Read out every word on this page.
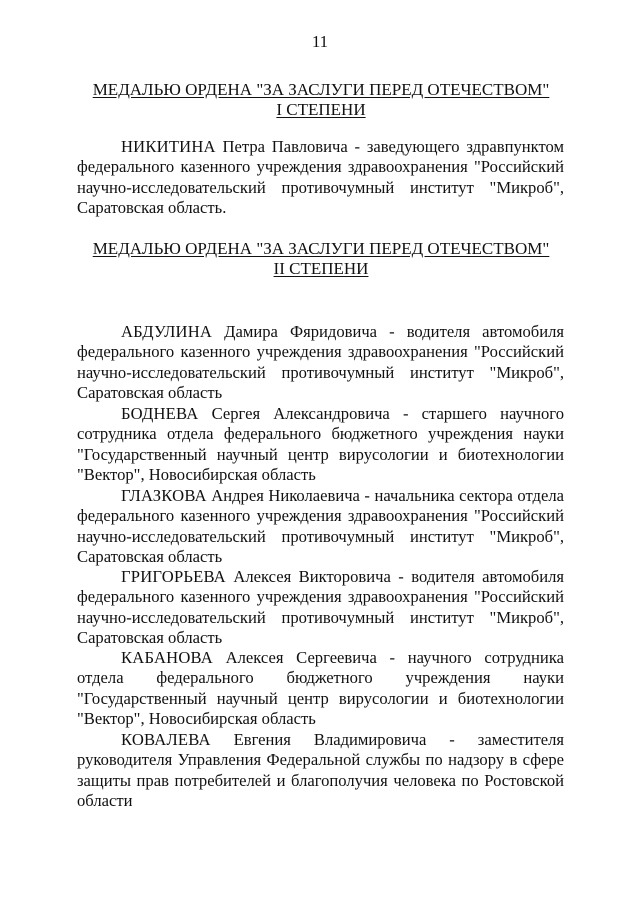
11
МЕДАЛЬЮ ОРДЕНА "ЗА ЗАСЛУГИ ПЕРЕД ОТЕЧЕСТВОМ"
I СТЕПЕНИ
НИКИТИНА Петра Павловича - заведующего здравпунктом федерального казенного учреждения здравоохранения "Российский научно-исследовательский противочумный институт "Микроб", Саратовская область.
МЕДАЛЬЮ ОРДЕНА "ЗА ЗАСЛУГИ ПЕРЕД ОТЕЧЕСТВОМ"
II СТЕПЕНИ
АБДУЛИНА Дамира Фяридовича - водителя автомобиля федерального казенного учреждения здравоохранения "Российский научно-исследовательский противочумный институт "Микроб", Саратовская область
БОДНЕВА Сергея Александровича - старшего научного сотрудника отдела федерального бюджетного учреждения науки "Государственный научный центр вирусологии и биотехнологии "Вектор", Новосибирская область
ГЛАЗКОВА Андрея Николаевича - начальника сектора отдела федерального казенного учреждения здравоохранения "Российский научно-исследовательский противочумный институт "Микроб", Саратовская область
ГРИГОРЬЕВА Алексея Викторовича - водителя автомобиля федерального казенного учреждения здравоохранения "Российский научно-исследовательский противочумный институт "Микроб", Саратовская область
КАБАНОВА Алексея Сергеевича - научного сотрудника отдела федерального бюджетного учреждения науки "Государственный научный центр вирусологии и биотехнологии "Вектор", Новосибирская область
КОВАЛЕВА Евгения Владимировича - заместителя руководителя Управления Федеральной службы по надзору в сфере защиты прав потребителей и благополучия человека по Ростовской области
